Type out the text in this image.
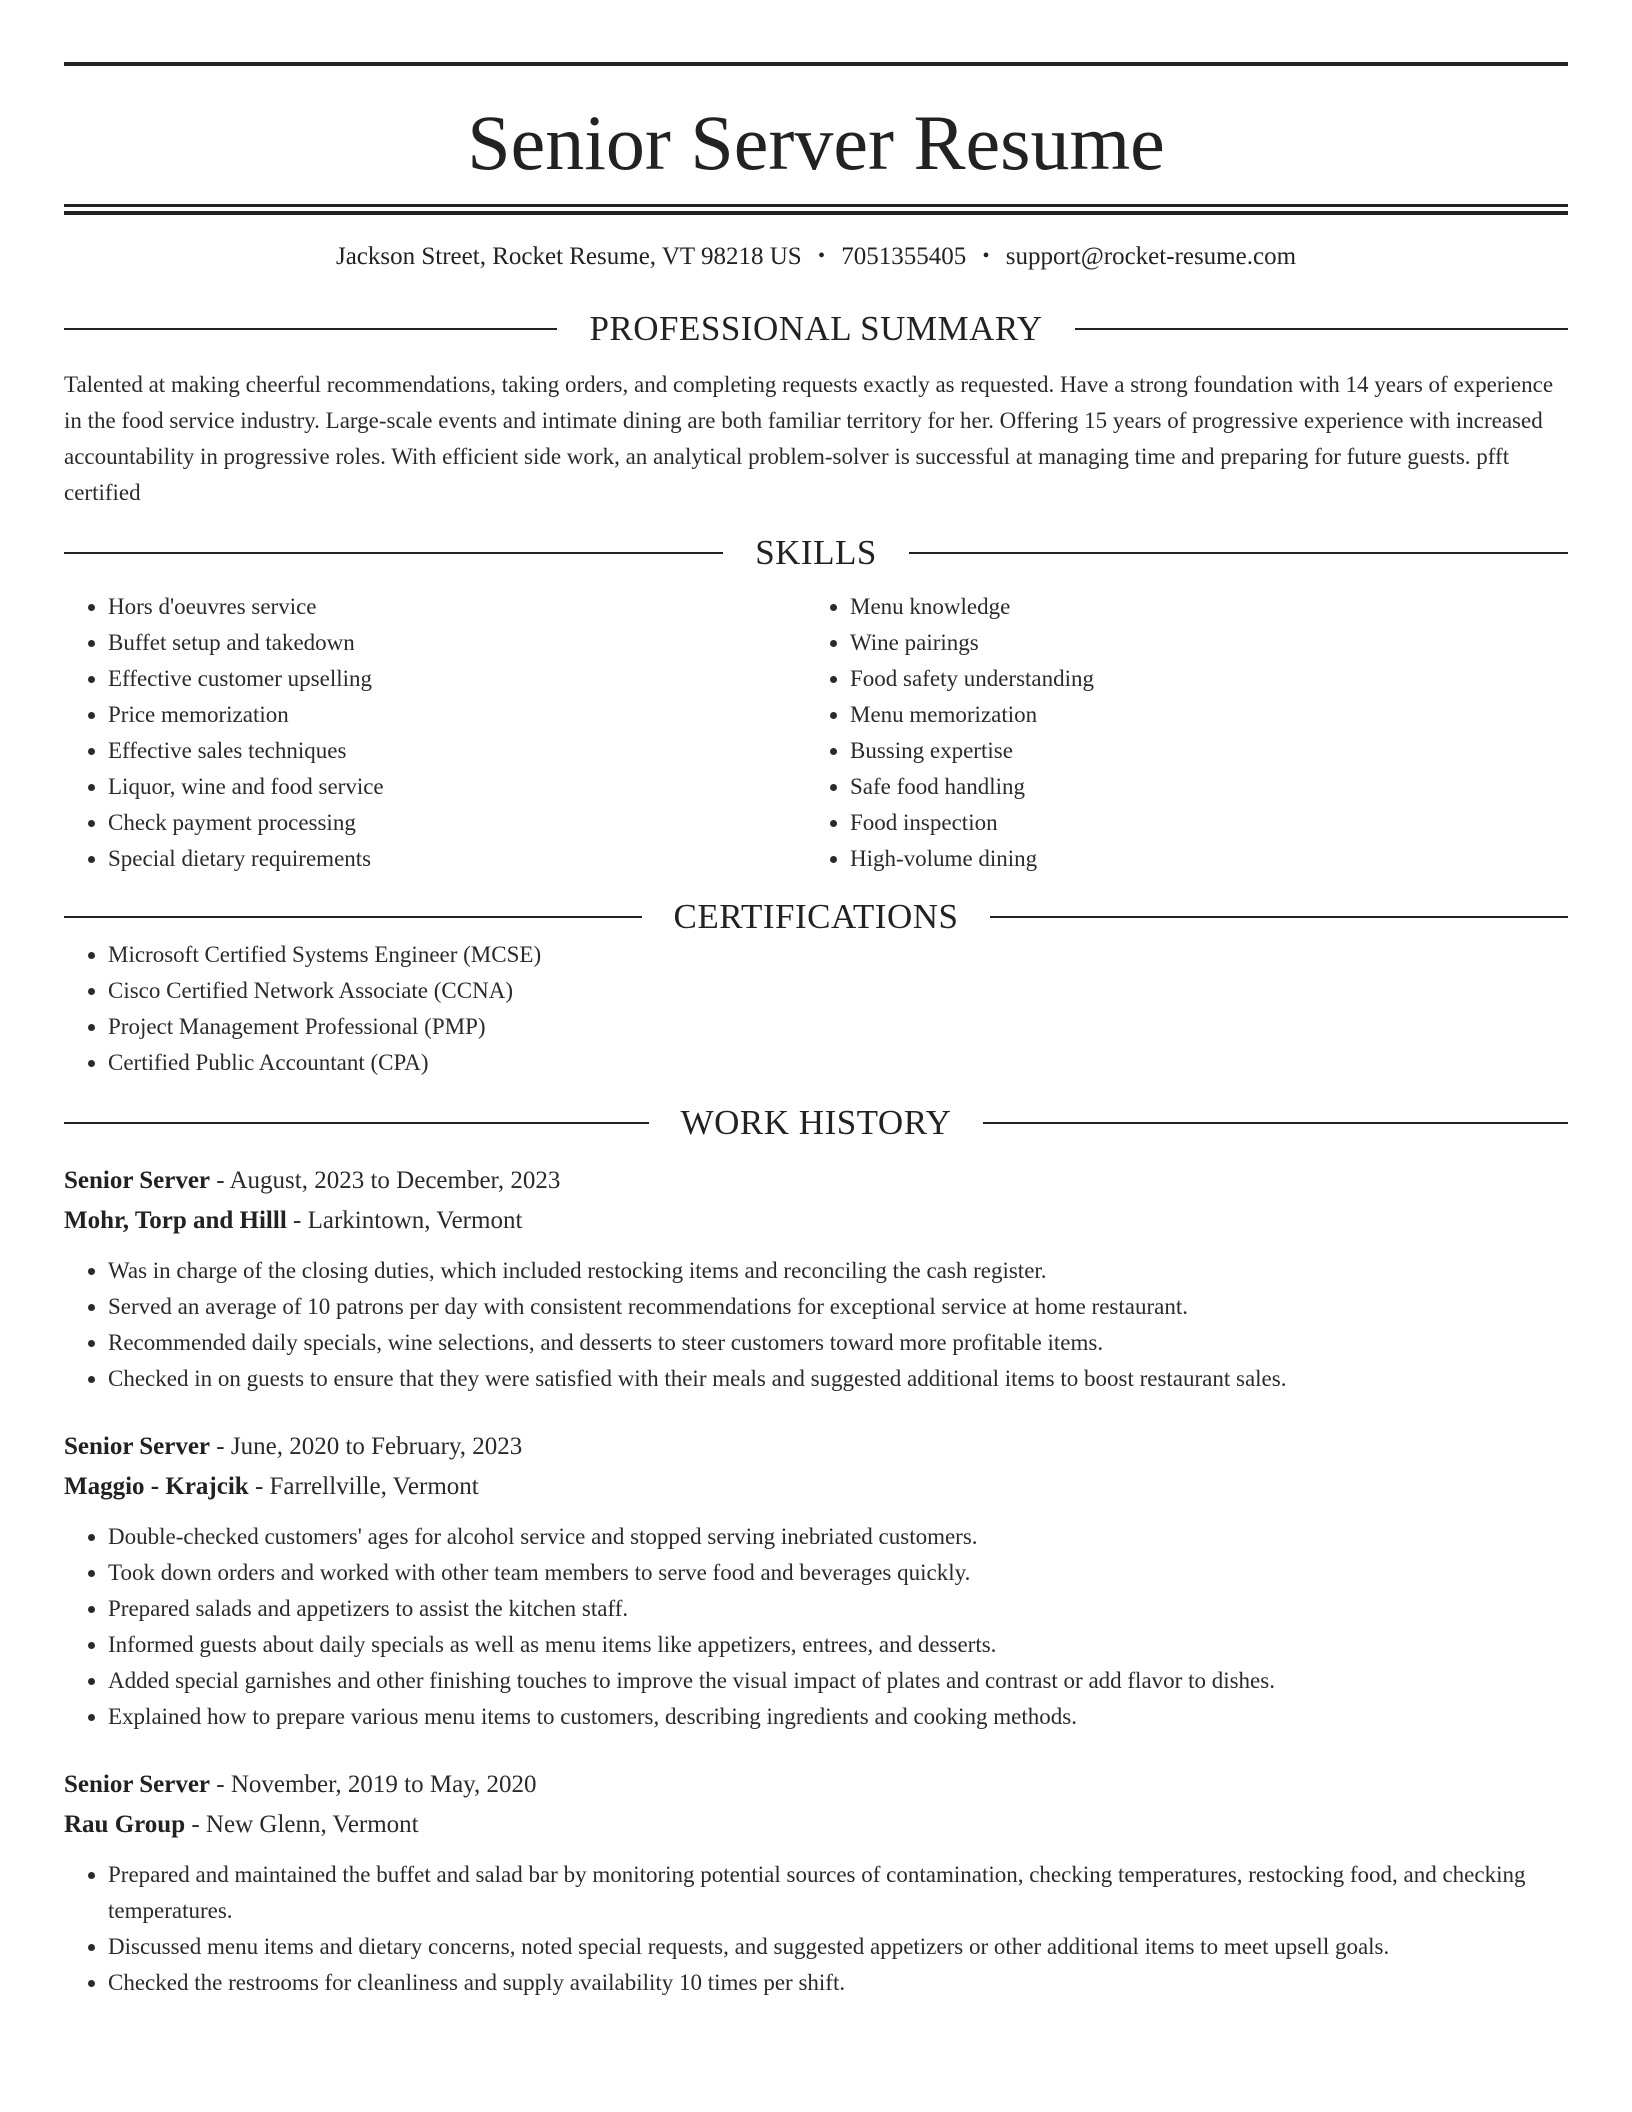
Senior Server Resume
Jackson Street, Rocket Resume, VT 98218 US • 7051355405 • support@rocket-resume.com
PROFESSIONAL SUMMARY

Talented at making cheerful recommendations, taking orders, and completing requests exactly as requested. Have a strong foundation with 14 years of experience in the food service industry. Large-scale events and intimate dining are both familiar territory for her. Offering 15 years of progressive experience with increased accountability in progressive roles. With efficient side work, an analytical problem-solver is successful at managing time and preparing for future guests. pfft certified

SKILLS
• Hors d'oeuvres service
• Buffet setup and takedown
• Effective customer upselling
• Price memorization
• Effective sales techniques
• Liquor, wine and food service
• Check payment processing
• Special dietary requirements
• Menu knowledge
• Wine pairings
• Food safety understanding
• Menu memorization
• Bussing expertise
• Safe food handling
• Food inspection
• High-volume dining
CERTIFICATIONS
• Microsoft Certified Systems Engineer (MCSE)
• Cisco Certified Network Associate (CCNA)
• Project Management Professional (PMP)
• Certified Public Accountant (CPA)
WORK HISTORY
Senior Server - August, 2023 to December, 2023
Mohr, Torp and Hilll - Larkintown, Vermont
• Was in charge of the closing duties, which included restocking items and reconciling the cash register.
• Served an average of 10 patrons per day with consistent recommendations for exceptional service at home restaurant.
• Recommended daily specials, wine selections, and desserts to steer customers toward more profitable items.
• Checked in on guests to ensure that they were satisfied with their meals and suggested additional items to boost restaurant sales.
Senior Server - June, 2020 to February, 2023
Maggio - Krajcik - Farrellville, Vermont
• Double-checked customers' ages for alcohol service and stopped serving inebriated customers.
• Took down orders and worked with other team members to serve food and beverages quickly.
• Prepared salads and appetizers to assist the kitchen staff.
• Informed guests about daily specials as well as menu items like appetizers, entrees, and desserts.
• Added special garnishes and other finishing touches to improve the visual impact of plates and contrast or add flavor to dishes.
• Explained how to prepare various menu items to customers, describing ingredients and cooking methods.
Senior Server - November, 2019 to May, 2020
Rau Group - New Glenn, Vermont
• Prepared and maintained the buffet and salad bar by monitoring potential sources of contamination, checking temperatures, restocking food, and checking temperatures.
• Discussed menu items and dietary concerns, noted special requests, and suggested appetizers or other additional items to meet upsell goals.
• Checked the restrooms for cleanliness and supply availability 10 times per shift.
